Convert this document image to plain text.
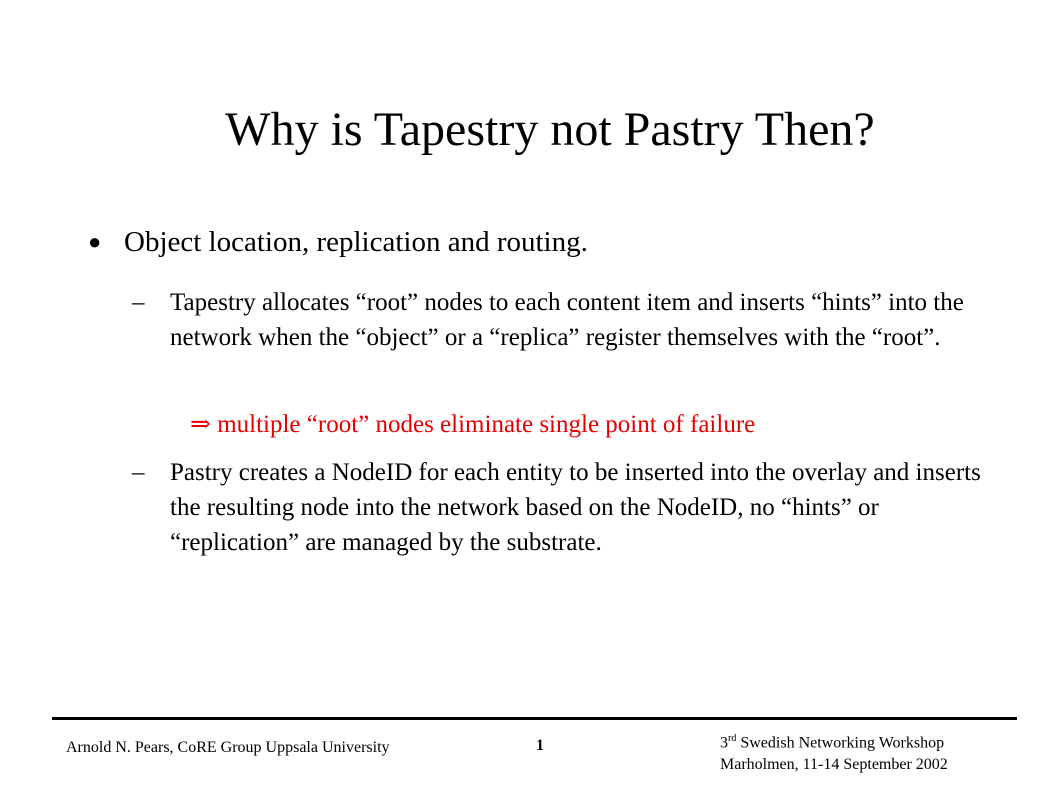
Why is Tapestry not Pastry Then?
● Object location, replication and routing.
– Tapestry allocates “root” nodes to each content item and inserts “hints” into the network when the “object” or a “replica” register themselves with the “root”.
⇒ multiple “root” nodes eliminate single point of failure
– Pastry creates a NodeID for each entity to be inserted into the overlay and inserts the resulting node into the network based on the NodeID, no “hints” or “replication” are managed by the substrate.
Arnold N. Pears, CoRE Group Uppsala University	1	3rd Swedish Networking Workshop
Marholmen, 11-14 September 2002
